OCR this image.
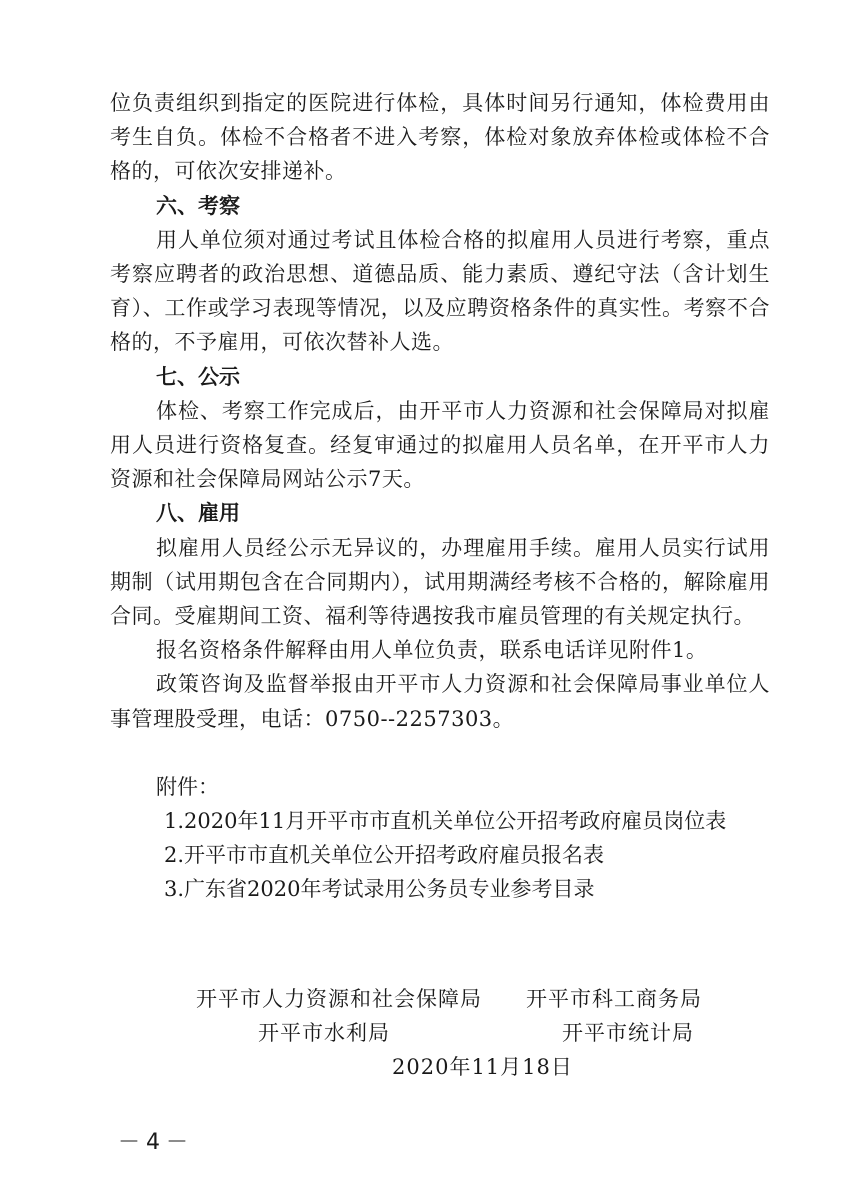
位负责组织到指定的医院进行体检，具体时间另行通知，体检费用由考生自负。体检不合格者不进入考察，体检对象放弃体检或体检不合格的，可依次安排递补。

六、考察

用人单位须对通过考试且体检合格的拟雇用人员进行考察，重点考察应聘者的政治思想、道德品质、能力素质、遵纪守法（含计划生育）、工作或学习表现等情况，以及应聘资格条件的真实性。考察不合格的，不予雇用，可依次替补人选。

七、公示

体检、考察工作完成后，由开平市人力资源和社会保障局对拟雇用人员进行资格复查。经复审通过的拟雇用人员名单，在开平市人力资源和社会保障局网站公示7天。

八、雇用

拟雇用人员经公示无异议的，办理雇用手续。雇用人员实行试用期制（试用期包含在合同期内），试用期满经考核不合格的，解除雇用合同。受雇期间工资、福利等待遇按我市雇员管理的有关规定执行。

报名资格条件解释由用人单位负责，联系电话详见附件1。

政策咨询及监督举报由开平市人力资源和社会保障局事业单位人事管理股受理，电话：0750--2257303。

附件：

1.2020年11月开平市市直机关单位公开招考政府雇员岗位表

2.开平市市直机关单位公开招考政府雇员报名表

3.广东省2020年考试录用公务员专业参考目录

开平市人力资源和社会保障局 开平市科工商务局
开平市水利局	开平市统计局
2020年11月18日
－4－
